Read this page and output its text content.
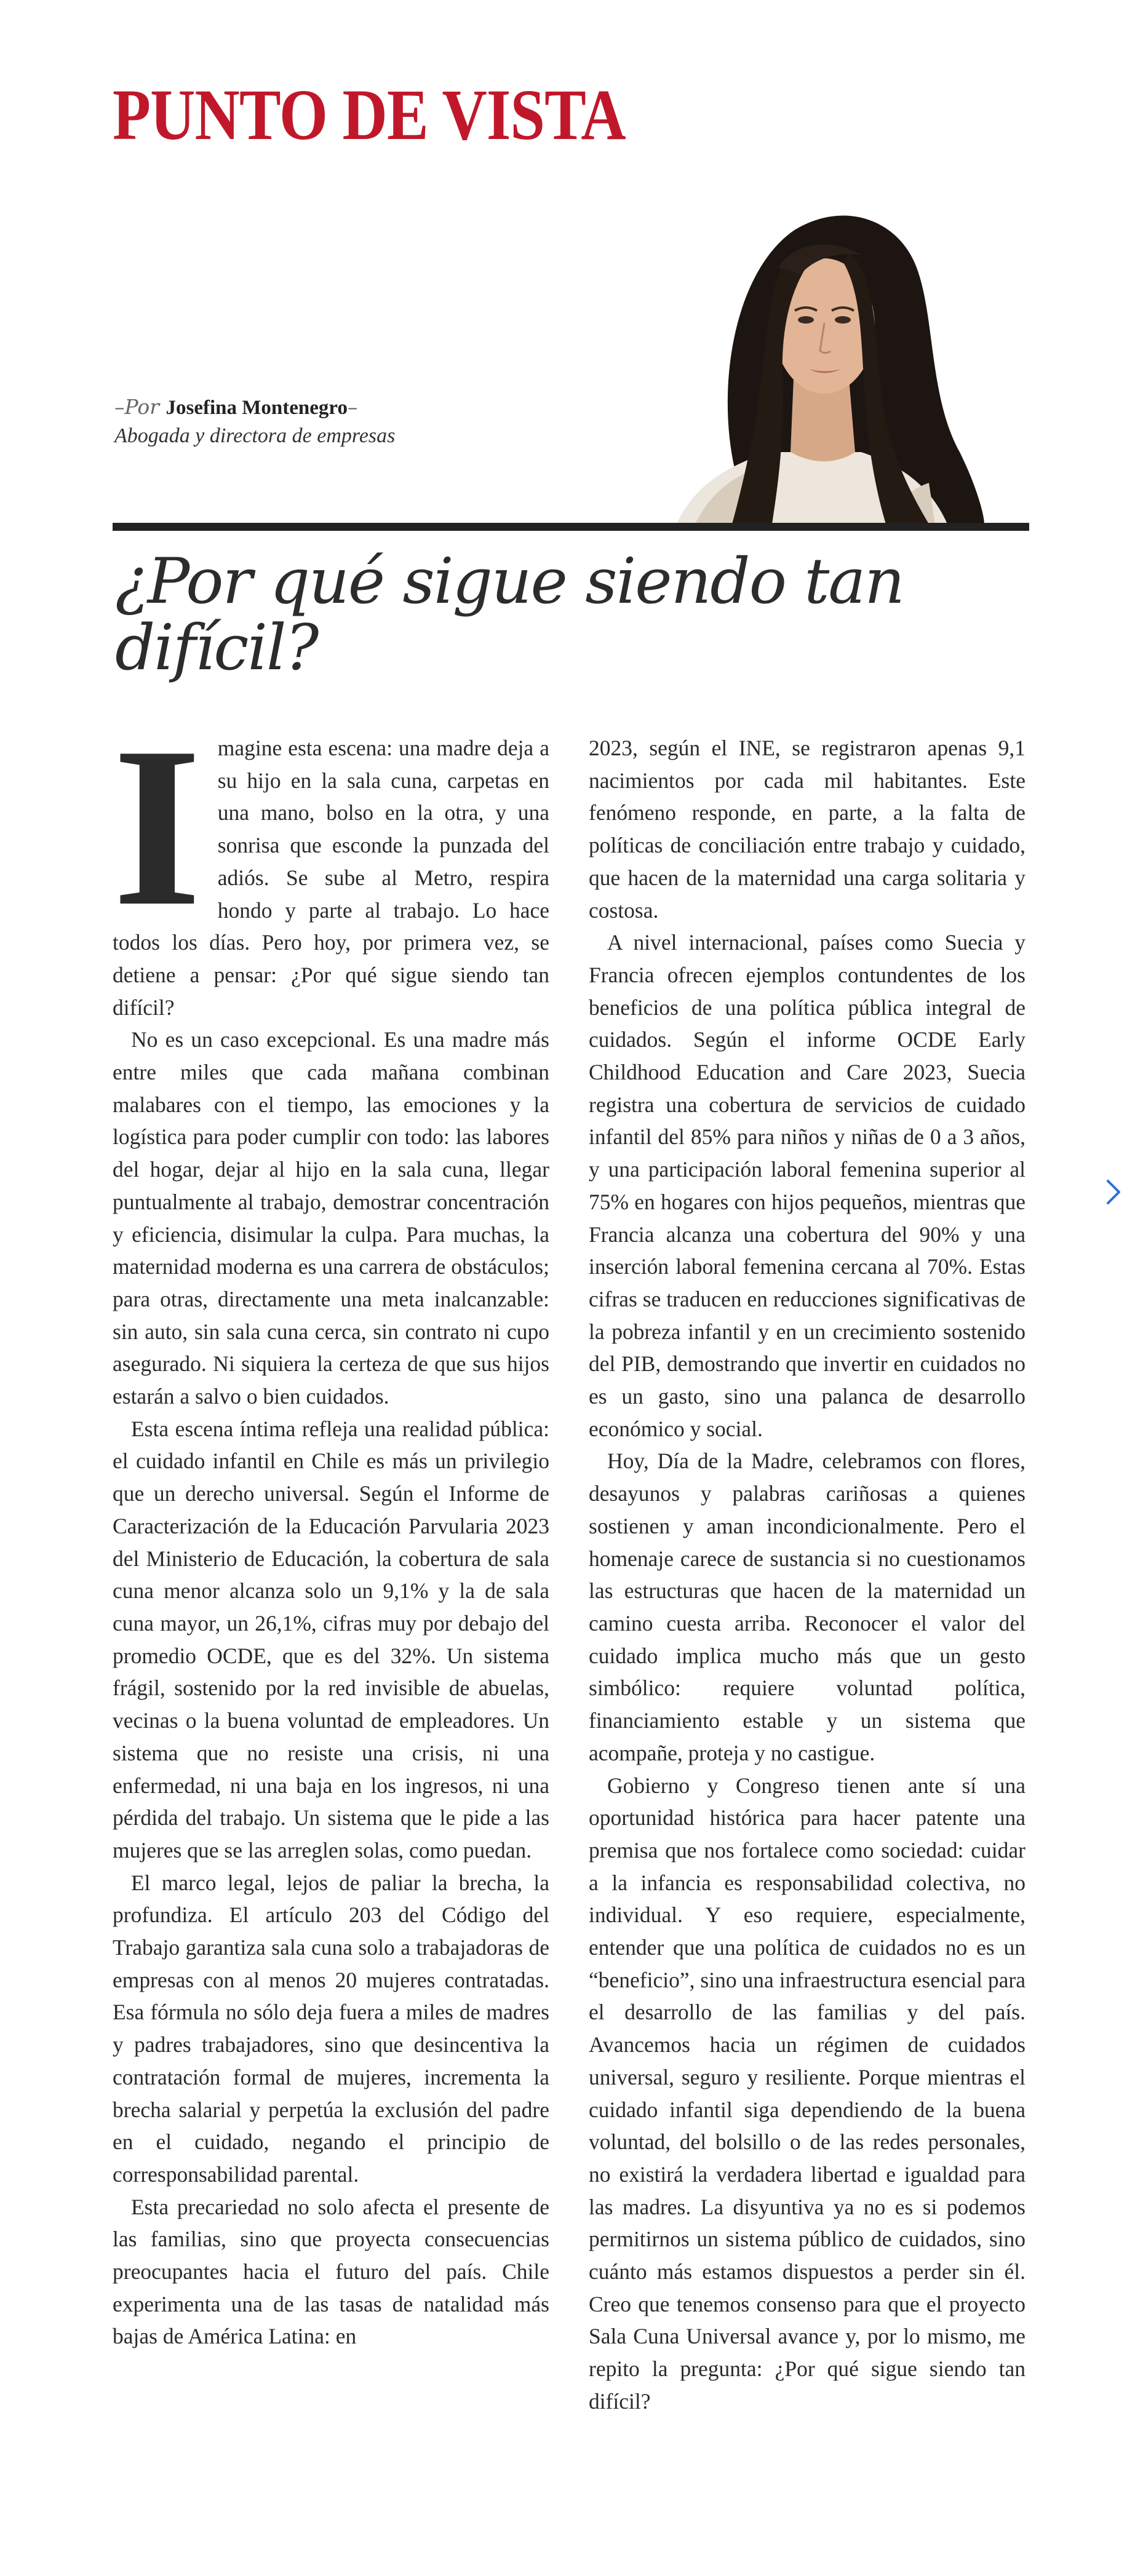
PUNTO DE VISTA
–Por Josefina Montenegro–
Abogada y directora de empresas
¿Por qué sigue siendo tan difícil?
I magine esta escena: una madre deja a su hijo en la sala cuna, carpetas en una mano, bolso en la otra, y una sonrisa que esconde la punzada del adiós. Se sube al Metro, respira hondo y parte al trabajo. Lo hace todos los días. Pero hoy, por primera vez, se detiene a pensar: ¿Por qué sigue siendo tan difícil?

No es un caso excepcional. Es una madre más entre miles que cada mañana combinan malabares con el tiempo, las emociones y la logística para poder cumplir con todo: las labores del hogar, dejar al hijo en la sala cuna, llegar puntualmente al trabajo, demostrar concentración y eficiencia, disimular la culpa. Para muchas, la maternidad moderna es una carrera de obstáculos; para otras, directamente una meta inalcanzable: sin auto, sin sala cuna cerca, sin contrato ni cupo asegurado. Ni siquiera la certeza de que sus hijos estarán a salvo o bien cuidados.

Esta escena íntima refleja una realidad pública: el cuidado infantil en Chile es más un privilegio que un derecho universal. Según el Informe de Caracterización de la Educación Parvularia 2023 del Ministerio de Educación, la cobertura de sala cuna menor alcanza solo un 9,1% y la de sala cuna mayor, un 26,1%, cifras muy por debajo del promedio OCDE, que es del 32%. Un sistema frágil, sostenido por la red invisible de abuelas, vecinas o la buena voluntad de empleadores. Un sistema que no resiste una crisis, ni una enfermedad, ni una baja en los ingresos, ni una pérdida del trabajo. Un sistema que le pide a las mujeres que se las arreglen solas, como puedan.

El marco legal, lejos de paliar la brecha, la profundiza. El artículo 203 del Código del Trabajo garantiza sala cuna solo a trabajadoras de empresas con al menos 20 mujeres contratadas. Esa fórmula no sólo deja fuera a miles de madres y padres trabajadores, sino que desincentiva la contratación formal de mujeres, incrementa la brecha salarial y perpetúa la exclusión del padre en el cuidado, negando el principio de corresponsabilidad parental.

Esta precariedad no solo afecta el presente de las familias, sino que proyecta consecuencias preocupantes hacia el futuro del país. Chile experimenta una de las tasas de natalidad más bajas de América Latina: en

2023, según el INE, se registraron apenas 9,1 nacimientos por cada mil habitantes. Este fenómeno responde, en parte, a la falta de políticas de conciliación entre trabajo y cuidado, que hacen de la maternidad una carga solitaria y costosa.

A nivel internacional, países como Suecia y Francia ofrecen ejemplos contundentes de los beneficios de una política pública integral de cuidados. Según el informe OCDE Early Childhood Education and Care 2023, Suecia registra una cobertura de servicios de cuidado infantil del 85% para niños y niñas de 0 a 3 años, y una participación laboral femenina superior al 75% en hogares con hijos pequeños, mientras que Francia alcanza una cobertura del 90% y una inserción laboral femenina cercana al 70%. Estas cifras se traducen en reducciones significativas de la pobreza infantil y en un crecimiento sostenido del PIB, demostrando que invertir en cuidados no es un gasto, sino una palanca de desarrollo económico y social.

Hoy, Día de la Madre, celebramos con flores, desayunos y palabras cariñosas a quienes sostienen y aman incondicionalmente. Pero el homenaje carece de sustancia si no cuestionamos las estructuras que hacen de la maternidad un camino cuesta arriba. Reconocer el valor del cuidado implica mucho más que un gesto simbólico: requiere voluntad política, financiamiento estable y un sistema que acompañe, proteja y no castigue.

Gobierno y Congreso tienen ante sí una oportunidad histórica para hacer patente una premisa que nos fortalece como sociedad: cuidar a la infancia es responsabilidad colectiva, no individual. Y eso requiere, especialmente, entender que una política de cuidados no es un “beneficio”, sino una infraestructura esencial para el desarrollo de las familias y del país. Avancemos hacia un régimen de cuidados universal, seguro y resiliente. Porque mientras el cuidado infantil siga dependiendo de la buena voluntad, del bolsillo o de las redes personales, no existirá la verdadera libertad e igualdad para las madres. La disyuntiva ya no es si podemos permitirnos un sistema público de cuidados, sino cuánto más estamos dispuestos a perder sin él. Creo que tenemos consenso para que el proyecto Sala Cuna Universal avance y, por lo mismo, me repito la pregunta: ¿Por qué sigue siendo tan difícil?
